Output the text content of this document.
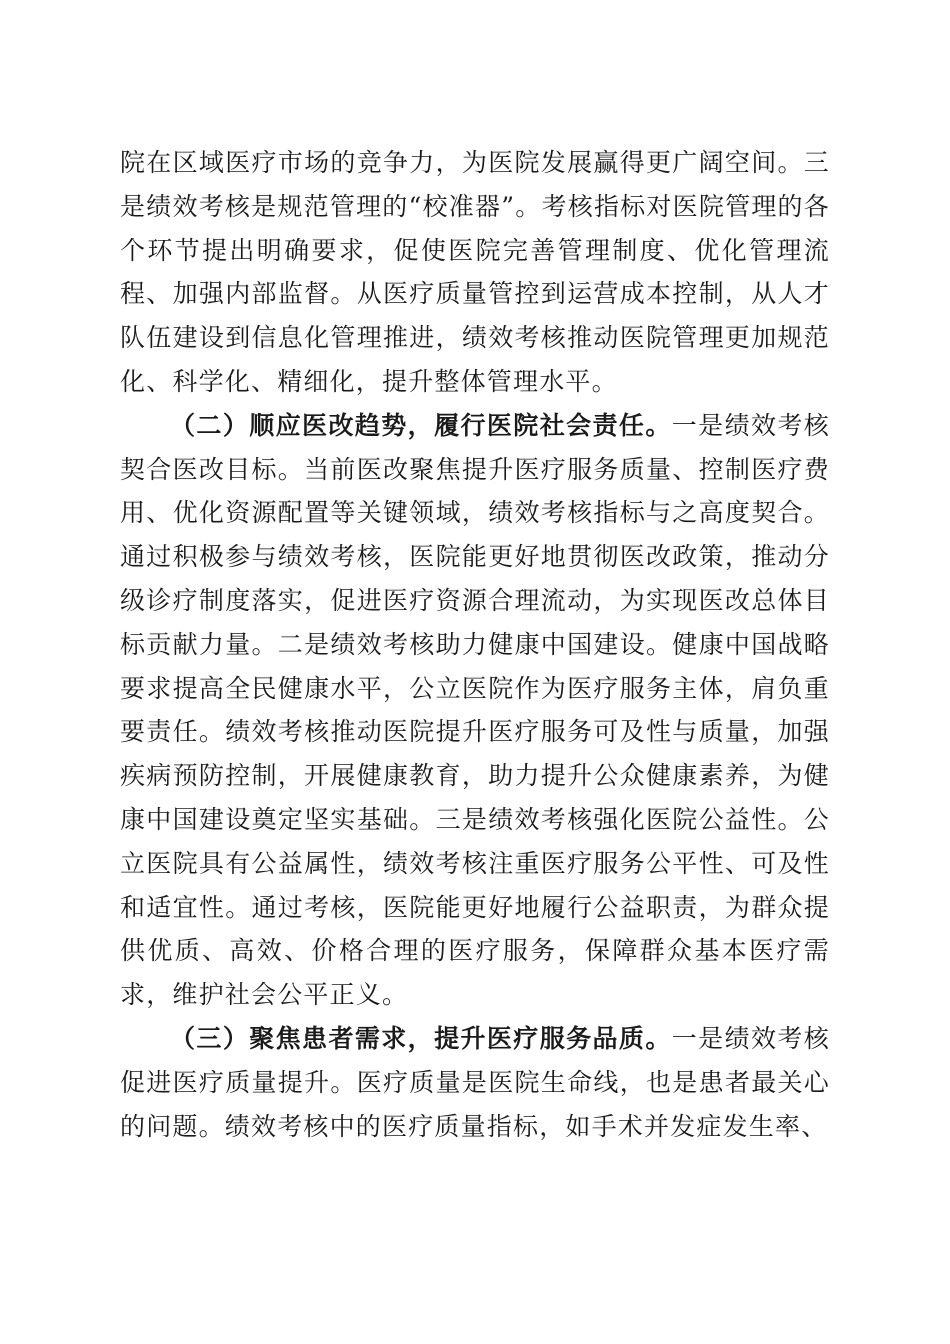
院在区域医疗市场的竞争力，为医院发展赢得更广阔空间。三是绩效考核是规范管理的“校准器”。考核指标对医院管理的各个环节提出明确要求，促使医院完善管理制度、优化管理流程、加强内部监督。从医疗质量管控到运营成本控制，从人才队伍建设到信息化管理推进，绩效考核推动医院管理更加规范化、科学化、精细化，提升整体管理水平。

（二）顺应医改趋势，履行医院社会责任。一是绩效考核契合医改目标。当前医改聚焦提升医疗服务质量、控制医疗费用、优化资源配置等关键领域，绩效考核指标与之高度契合。通过积极参与绩效考核，医院能更好地贯彻医改政策，推动分级诊疗制度落实，促进医疗资源合理流动，为实现医改总体目标贡献力量。二是绩效考核助力健康中国建设。健康中国战略要求提高全民健康水平，公立医院作为医疗服务主体，肩负重要责任。绩效考核推动医院提升医疗服务可及性与质量，加强疾病预防控制，开展健康教育，助力提升公众健康素养，为健康中国建设奠定坚实基础。三是绩效考核强化医院公益性。公立医院具有公益属性，绩效考核注重医疗服务公平性、可及性和适宜性。通过考核，医院能更好地履行公益职责，为群众提供优质、高效、价格合理的医疗服务，保障群众基本医疗需求，维护社会公平正义。

（三）聚焦患者需求，提升医疗服务品质。一是绩效考核促进医疗质量提升。医疗质量是医院生命线，也是患者最关心的问题。绩效考核中的医疗质量指标，如手术并发症发生率、
